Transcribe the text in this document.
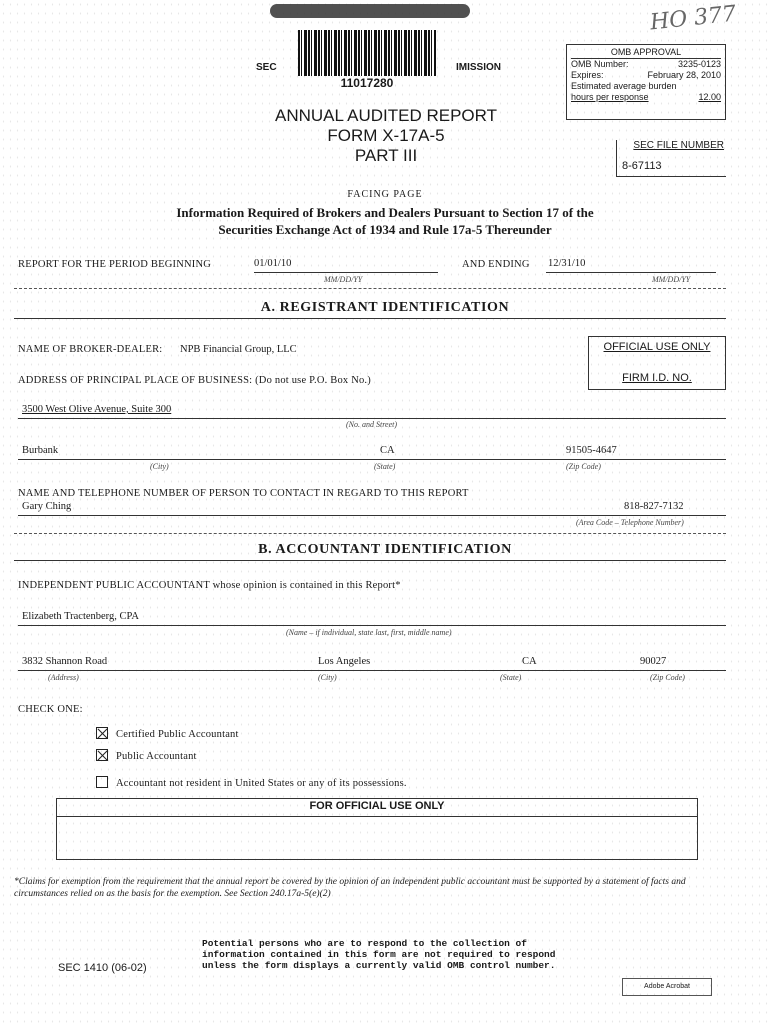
HO 377
11017280
SEC	IMISSION
ANNUAL AUDITED REPORT
FORM X-17A-5
PART III
OMB APPROVAL
OMB Number:	3235-0123
Expires:	February 28, 2010
Estimated average burden
hours per response	12.00
SEC FILE NUMBER
8-67113
FACING PAGE
Information Required of Brokers and Dealers Pursuant to Section 17 of the
Securities Exchange Act of 1934 and Rule 17a-5 Thereunder
REPORT FOR THE PERIOD BEGINNING	01/01/10	AND ENDING 12/31/10
MM/DD/YY	MM/DD/YY
A. REGISTRANT IDENTIFICATION
NAME OF BROKER-DEALER: NPB Financial Group, LLC	OFFICIAL USE ONLY
FIRM I.D. NO.
ADDRESS OF PRINCIPAL PLACE OF BUSINESS: (Do not use P.O. Box No.)
3500 West Olive Avenue, Suite 300
(No. and Street)
Burbank	CA	91505-4647
(City)	(State)	(Zip Code)
NAME AND TELEPHONE NUMBER OF PERSON TO CONTACT IN REGARD TO THIS REPORT
Gary Ching	818-827-7132
(Area Code – Telephone Number)
B. ACCOUNTANT IDENTIFICATION
INDEPENDENT PUBLIC ACCOUNTANT whose opinion is contained in this Report*
Elizabeth Tractenberg, CPA
(Name – if individual, state last, first, middle name)
3832 Shannon Road	Los Angeles	CA	90027
(Address)	(City)	(State)	(Zip Code)
CHECK ONE:
Certified Public Accountant
Public Accountant
Accountant not resident in United States or any of its possessions.
FOR OFFICIAL USE ONLY
*Claims for exemption from the requirement that the annual report be covered by the opinion of an independent public accountant must be supported by a statement of facts and circumstances relied on as the basis for the exemption. See Section 240.17a-5(e)(2)
SEC 1410 (06-02)
Potential persons who are to respond to the collection of
information contained in this form are not required to respond
unless the form displays a currently valid OMB control number.
Adobe Acrobat
